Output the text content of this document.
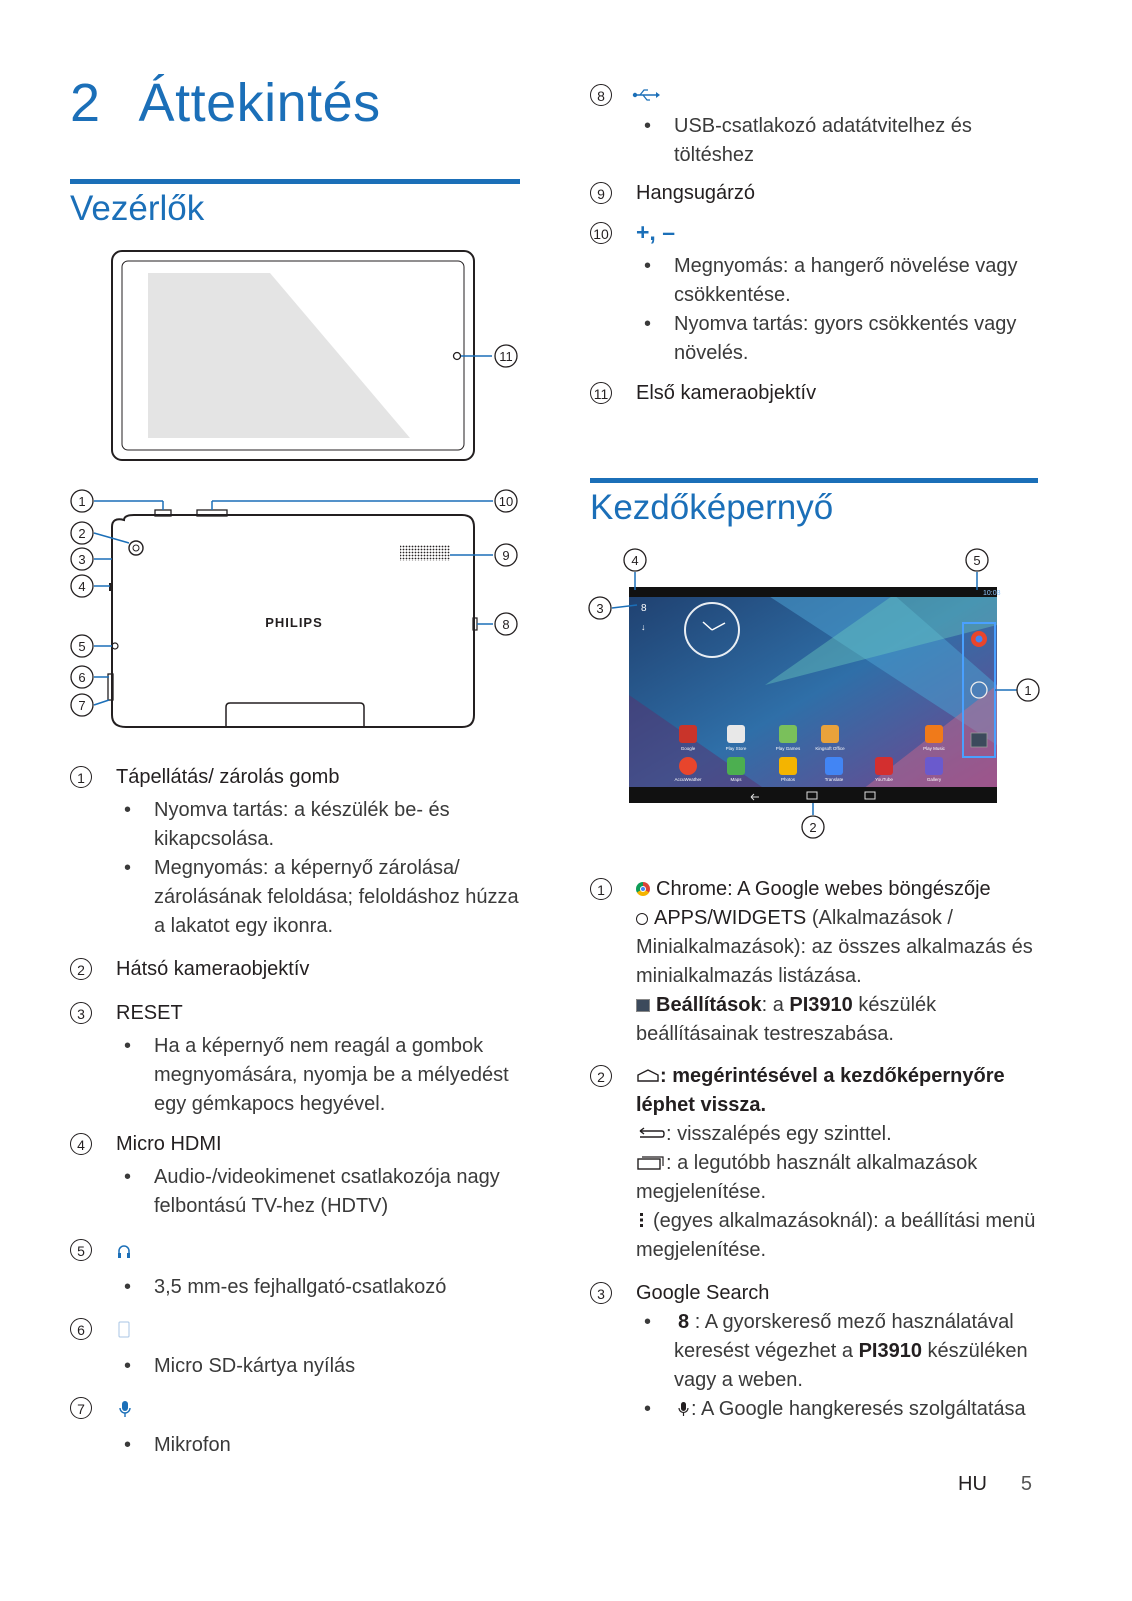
2 Áttekintés
Vezérlők
11
PHILIPS
1
2
3
4
5
6
7
10
9
8
1	Tápellátás/ zárolás gomb
• Nyomva tartás: a készülék be- és kikapcsolása.
• Megnyomás: a képernyő zárolása/ zárolásának feloldása; feloldáshoz húzza a lakatot egy ikonra.
2	Hátsó kameraobjektív
3	RESET
• Ha a képernyő nem reagál a gombok megnyomására, nyomja be a mélyedést egy gémkapocs hegyével.
4	Micro HDMI
• Audio-/videokimenet csatlakozója nagy felbontású TV-hez (HDTV)
5
• 3,5 mm-es fejhallgató-csatlakozó
6
• Micro SD-kártya nyílás
7
• Mikrofon
8
• USB-csatlakozó adatátvitelhez és töltéshez
9	Hangsugárzó
10 +, –
• Megnyomás: a hangerő növelése vagy csökkentése.
• Nyomva tartás: gyors csökkentés vagy növelés.
11 Első kameraobjektív
Kezdőképernyő
10:08
8
↓
Google	Play Store	Play Games	Kingsoft Office	Play Music
AccuWeather	Maps	Photos	Translate	YouTube	Gallery
4	5
3
1
2
1	Chrome: A Google webes böngészője
APPS/WIDGETS (Alkalmazások / Minialkalmazások): az összes alkalmazás és minialkalmazás listázása.
Beállítások: a PI3910 készülék beállításainak testreszabása.
2	: megérintésével a kezdőképernyőre léphet vissza.
: visszalépés egy szinttel.
: a legutóbb használt alkalmazások megjelenítése.
(egyes alkalmazásoknál): a beállítási menü megjelenítése.
3	Google Search
• 8 : A gyorskereső mező használatával keresést végezhet a PI3910 készüléken vagy a weben.
• : A Google hangkeresés szolgáltatása
HU 5
